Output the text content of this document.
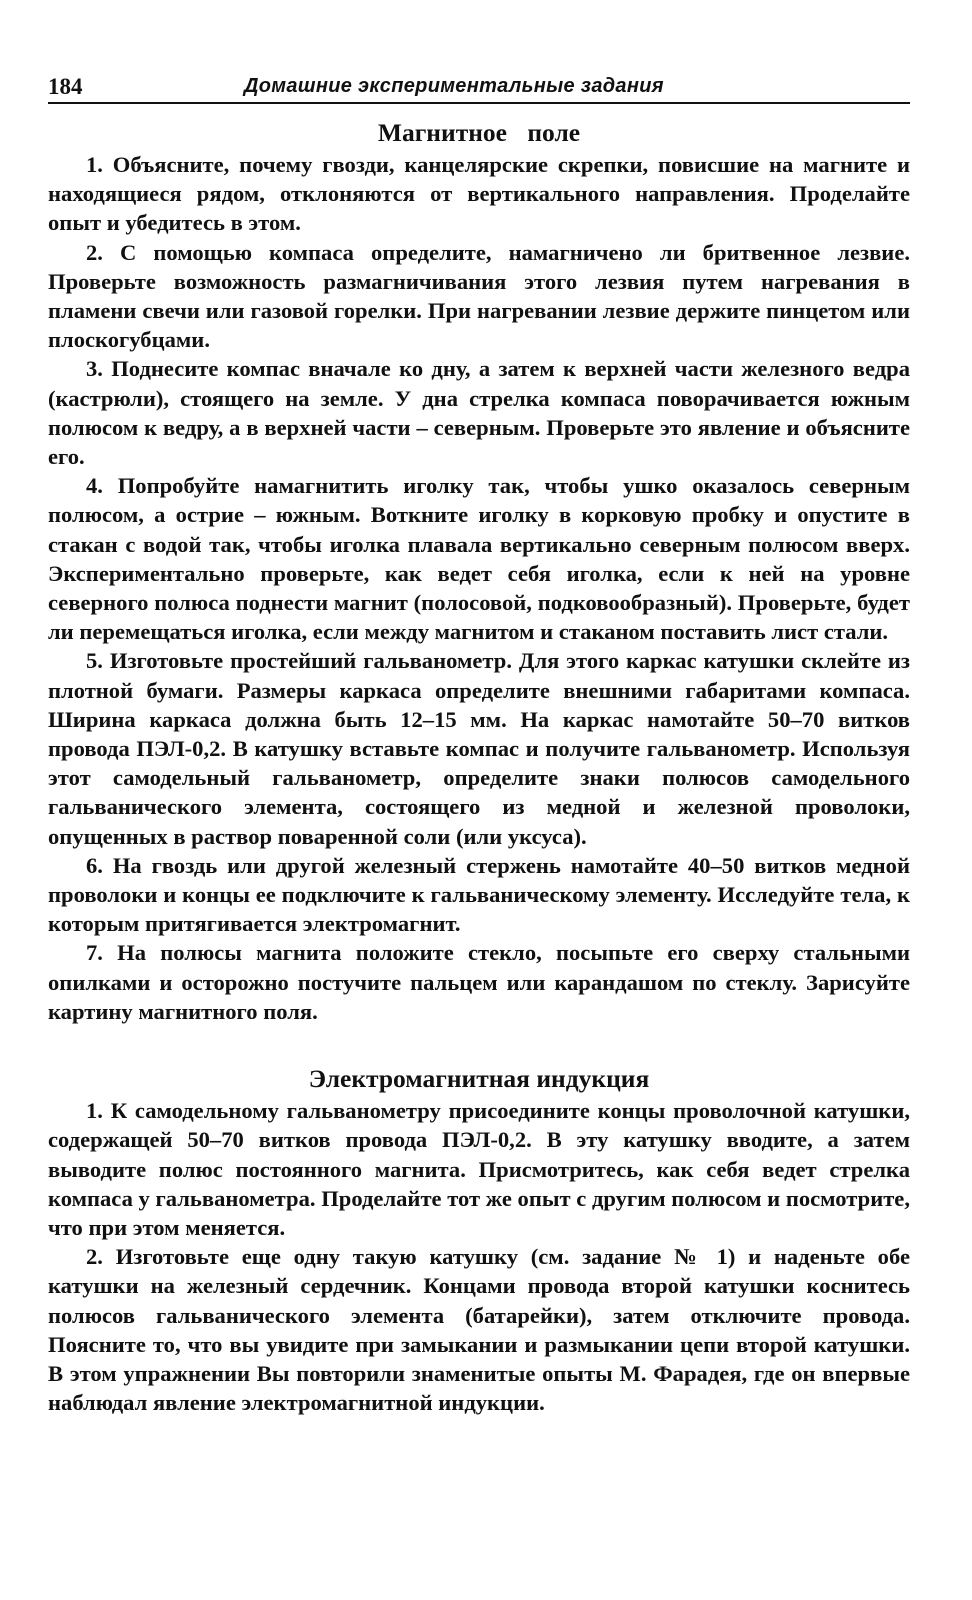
184	Домашние экспериментальные задания
Магнитное поле

1. Объясните, почему гвозди, канцелярские скрепки, повисшие на магните и находящиеся рядом, отклоняются от вертикального направления. Проделайте опыт и убедитесь в этом.

2. С помощью компаса определите, намагничено ли бритвенное лезвие. Проверьте возможность размагничивания этого лезвия путем нагревания в пламени свечи или газовой горелки. При нагревании лезвие держите пинцетом или плоскогубцами.

3. Поднесите компас вначале ко дну, а затем к верхней части железного ведра (кастрюли), стоящего на земле. У дна стрелка компаса поворачивается южным полюсом к ведру, а в верхней части – северным. Проверьте это явление и объясните его.

4. Попробуйте намагнитить иголку так, чтобы ушко оказалось северным полюсом, а острие – южным. Воткните иголку в корковую пробку и опустите в стакан с водой так, чтобы иголка плавала вертикально северным полюсом вверх. Экспериментально проверьте, как ведет себя иголка, если к ней на уровне северного полюса поднести магнит (полосовой, подковообразный). Проверьте, будет ли перемещаться иголка, если между магнитом и стаканом поставить лист стали.

5. Изготовьте простейший гальванометр. Для этого каркас катушки склейте из плотной бумаги. Размеры каркаса определите внешними габаритами компаса. Ширина каркаса должна быть 12–15 мм. На каркас намотайте 50–70 витков провода ПЭЛ-0,2. В катушку вставьте компас и получите гальванометр. Используя этот самодельный гальванометр, определите знаки полюсов самодельного гальванического элемента, состоящего из медной и железной проволоки, опущенных в раствор поваренной соли (или уксуса).

6. На гвоздь или другой железный стержень намотайте 40–50 витков медной проволоки и концы ее подключите к гальваническому элементу. Исследуйте тела, к которым притягивается электромагнит.

7. На полюсы магнита положите стекло, посыпьте его сверху стальными опилками и осторожно постучите пальцем или карандашом по стеклу. Зарисуйте картину магнитного поля.

Электромагнитная индукция

1. К самодельному гальванометру присоедините концы проволочной катушки, содержащей 50–70 витков провода ПЭЛ-0,2. В эту катушку вводите, а затем выводите полюс постоянного магнита. Присмотритесь, как себя ведет стрелка компаса у гальванометра. Проделайте тот же опыт с другим полюсом и посмотрите, что при этом меняется.

2. Изготовьте еще одну такую катушку (см. задание № 1) и наденьте обе катушки на железный сердечник. Концами провода второй катушки коснитесь полюсов гальванического элемента (батарейки), затем отключите провода. Поясните то, что вы увидите при замыкании и размыкании цепи второй катушки. В этом упражнении Вы повторили знаменитые опыты М. Фарадея, где он впервые наблюдал явление электромагнитной индукции.
